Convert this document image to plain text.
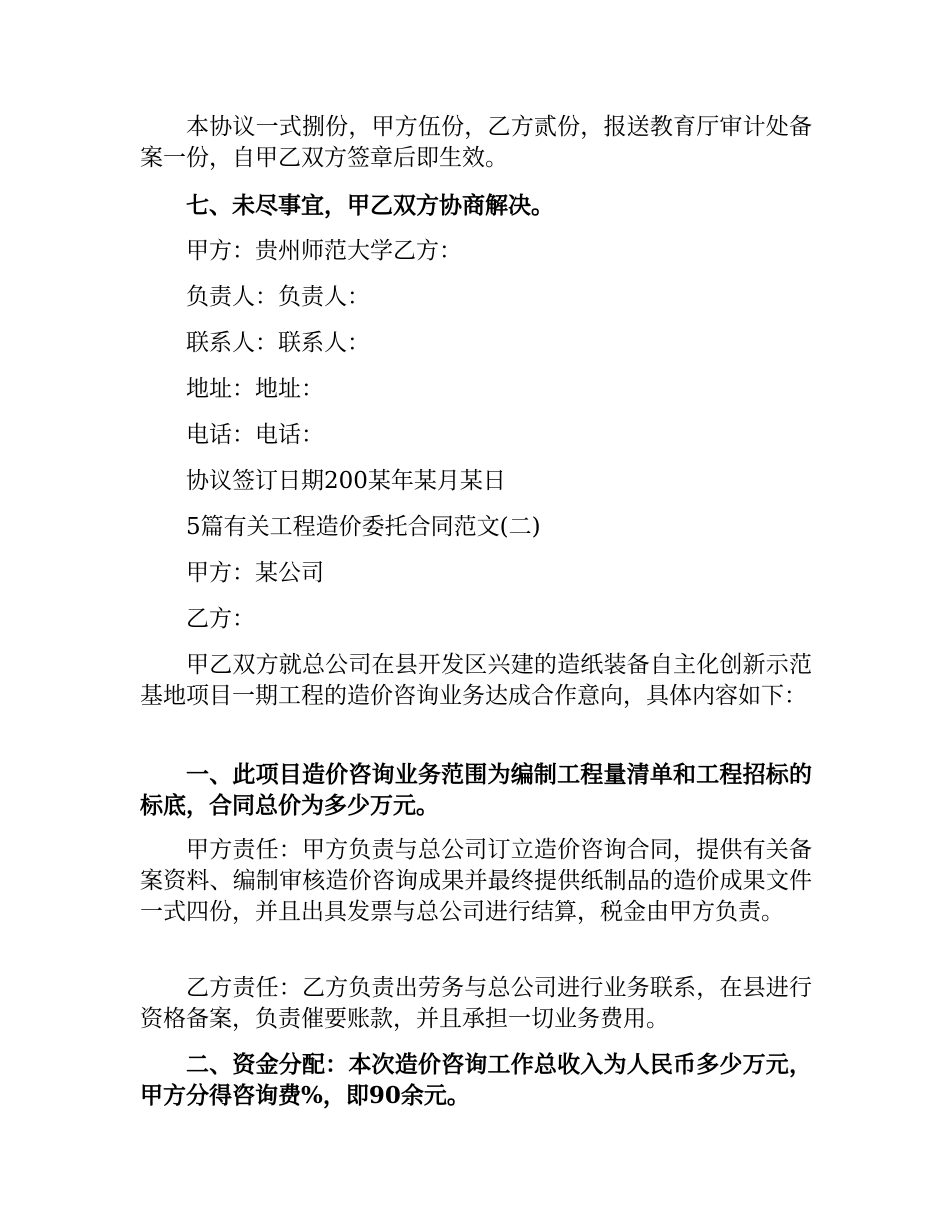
本协议一式捌份，甲方伍份，乙方贰份，报送教育厅审计处备案一份，自甲乙双方签章后即生效。

七、未尽事宜，甲乙双方协商解决。

甲方：贵州师范大学乙方：

负责人：负责人：

联系人：联系人：

地址：地址：

电话：电话：

协议签订日期200某年某月某日

5篇有关工程造价委托合同范文(二)

甲方：某公司

乙方：

甲乙双方就总公司在县开发区兴建的造纸装备自主化创新示范基地项目一期工程的造价咨询业务达成合作意向，具体内容如下：

一、此项目造价咨询业务范围为编制工程量清单和工程招标的标底，合同总价为多少万元。

甲方责任：甲方负责与总公司订立造价咨询合同，提供有关备案资料、编制审核造价咨询成果并最终提供纸制品的造价成果文件一式四份，并且出具发票与总公司进行结算，税金由甲方负责。

乙方责任：乙方负责出劳务与总公司进行业务联系，在县进行资格备案，负责催要账款，并且承担一切业务费用。

二、资金分配：本次造价咨询工作总收入为人民币多少万元，甲方分得咨询费%，即90余元。
